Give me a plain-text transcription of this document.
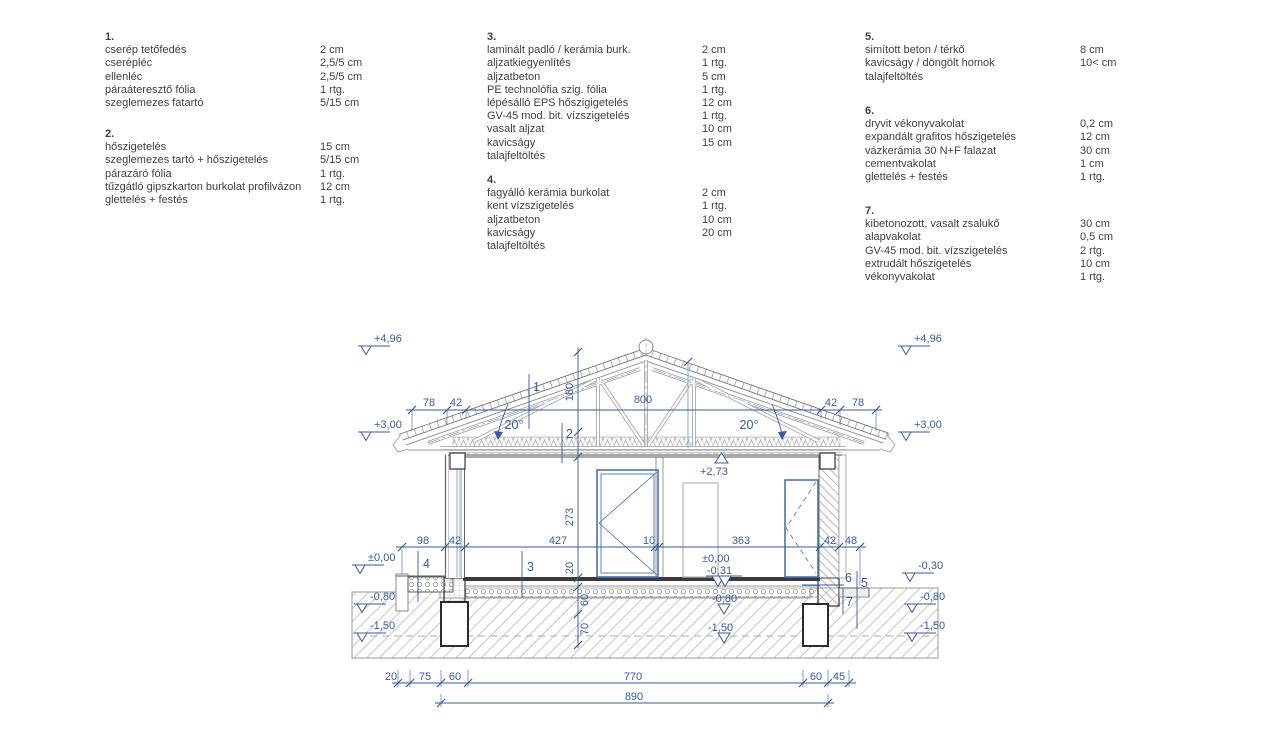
1.
cserép tetőfedés	2 cm
cserépléc	2,5/5 cm
ellenléc	2,5/5 cm
páraáteresztő fólia	1 rtg.
szeglemezes fatartó	5/15 cm
2.
hőszigetelés	15 cm
szeglemezes tartó + hőszigetelés	5/15 cm
párazáró fólia	1 rtg.
tűzgátló gipszkarton burkolat profilvázon	12 cm
glettelés + festés	1 rtg.
3.
laminált padló / kerámia burk.	2 cm
aljzatkiegyenlítés	1 rtg.
aljzatbeton	5 cm
PE technolófia szig. fólia	1 rtg.
lépésálló EPS hőszigigetelés	12 cm
GV-45 mod. bit. vízszigetelés	1 rtg.
vasalt aljzat	10 cm
kavicságy	15 cm
talajfeltöltés
4.
fagyálló kerámia burkolat	2 cm
kent vízszigetelés	1 rtg.
aljzatbeton	10 cm
kavicságy	20 cm
talajfeltöltés
5.
simított beton / térkő	8 cm
kavicságy / döngölt homok	10< cm
talajfeltöltés
6.
dryvit vékonyvakolat	0,2 cm
expandált grafitos hőszigetelés	12 cm
vázkerámia 30 N+F falazat	30 cm
cementvakolat	1 cm
glettelés + festés	1 rtg.
7.
kibetonozott, vasalt zsalukő	30 cm
alapvakolat	0,5 cm
GV-45 mod. bit. vízszigetelés	2 rtg.
extrudált hőszigetelés	10 cm
vékonyvakolat	1 rtg.
78 42	800	42 78
20°	20°
98 42	427	10	363	42 48
180
273
20
60
70
20 75 60	770	60 45
890
+4,96
+3,00
±0,00
-0,80
-1,50
+4,96
+3,00
-0,30
-0,80
-1,50
+2,73
±0,00
-0,31
-0,80
-1,50
1
2
3
4
5
6
7
